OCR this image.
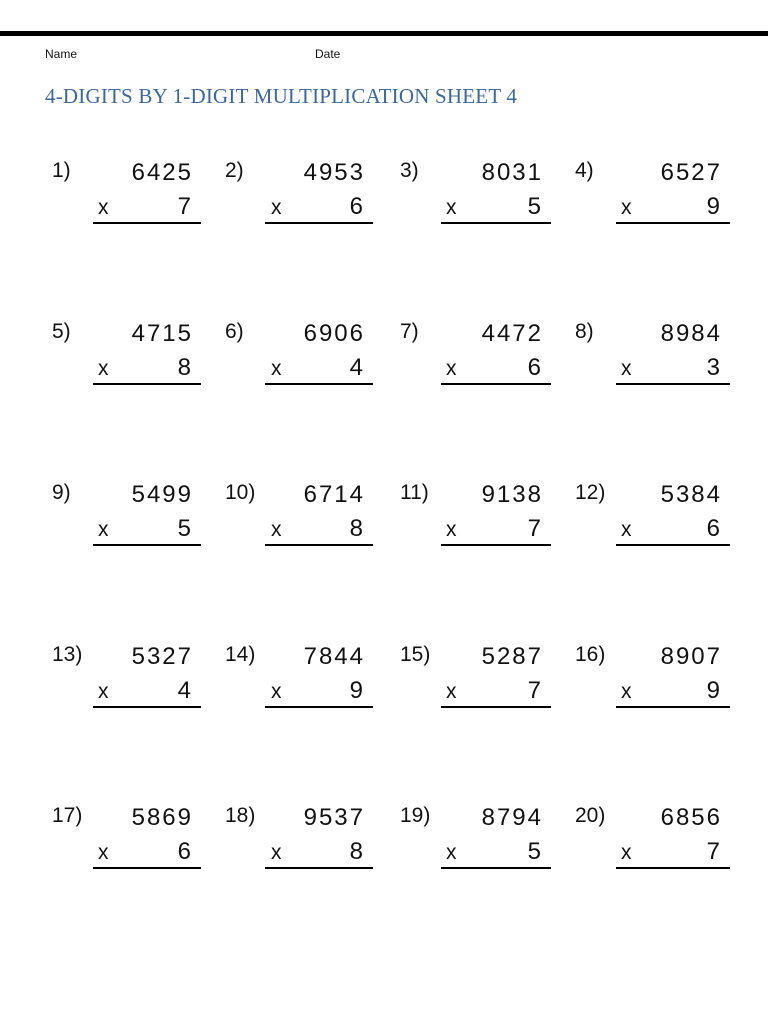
Name	Date
4-DIGITS BY 1-DIGIT MULTIPLICATION SHEET 4
1)	6425
x	7
2) 4953
x	6
3)	8031
x	5
4)	6527
x	9
5)	4715
x	8
6) 6906
x	4
7)	4472
x	6
8)	8984
x	3
9)	5499
x	5
10) 6714
x	8
11) 9138
x	7
12) 5384
x	6
13) 5327
x	4
14) 7844
x	9
15) 5287
x	7
16) 8907
x	9
17) 5869
x	6
18) 9537
x	8
19) 8794
x	5
20) 6856
x	7
